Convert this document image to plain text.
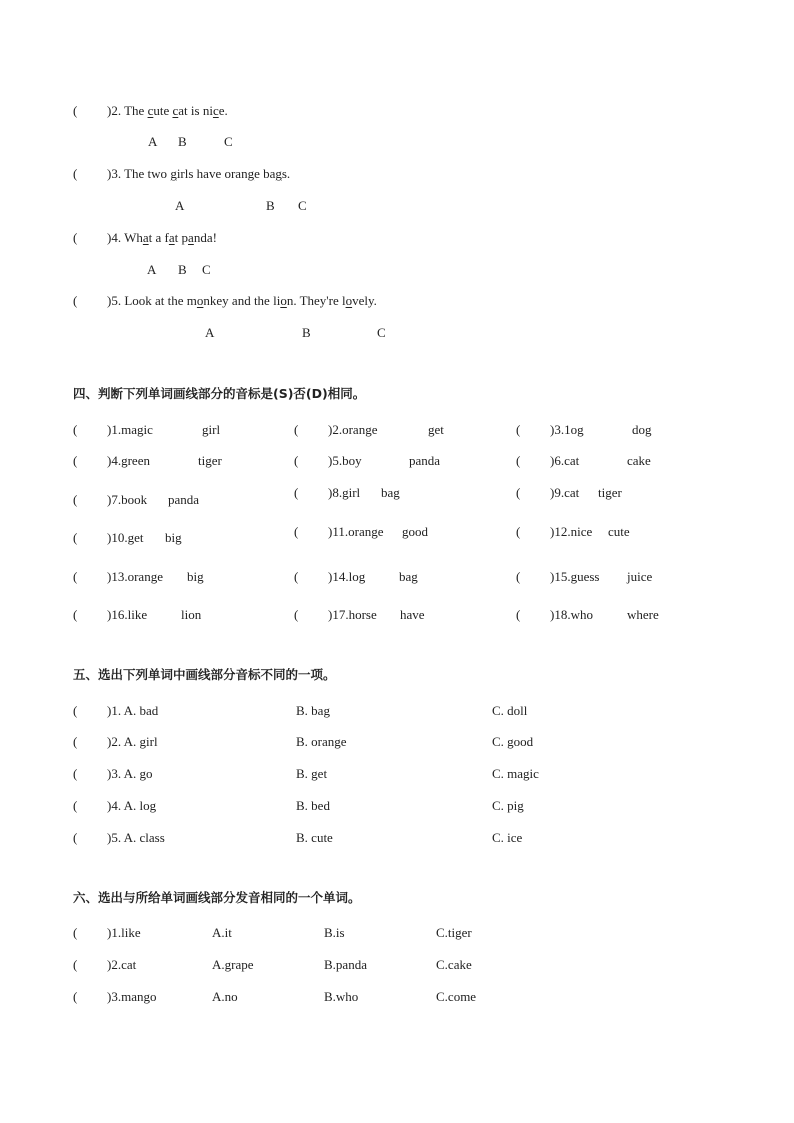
( )2. The cute cat is nice.
A B	C
( )3. The two girls have orange bags.
A	B C
( )4. What a fat panda!
A B C
( )5. Look at the monkey and the lion. They're lovely.
A	B	C
四、判断下列单词画线部分的音标是(S)否(D)相同。
( )1.magic	girl	( )2.orange	get	( )3.1og	dog
( )4.green	tiger	( )5.boy	panda	( )6.cat	cake
( )7.book panda	( )8.girl bag	( )9.cat tiger
( )10.get big	( )11.orange good	( )12.nice cute
( )13.orange big	( )14.log	bag	( )15.guess juice
( )16.like	lion	( )17.horse have	( )18.who	where
五、选出下列单词中画线部分音标不同的一项。
( )1. A. bad	B. bag	C. doll
( )2. A. girl	B. orange	C. good
( )3. A. go	B. get	C. magic
( )4. A. log	B. bed	C. pig
( )5. A. class	B. cute	C. ice
六、选出与所给单词画线部分发音相同的一个单词。
( )1.like	A.it	B.is	C.tiger
( )2.cat	A.grape	B.panda	C.cake
( )3.mango	A.no	B.who	C.come
